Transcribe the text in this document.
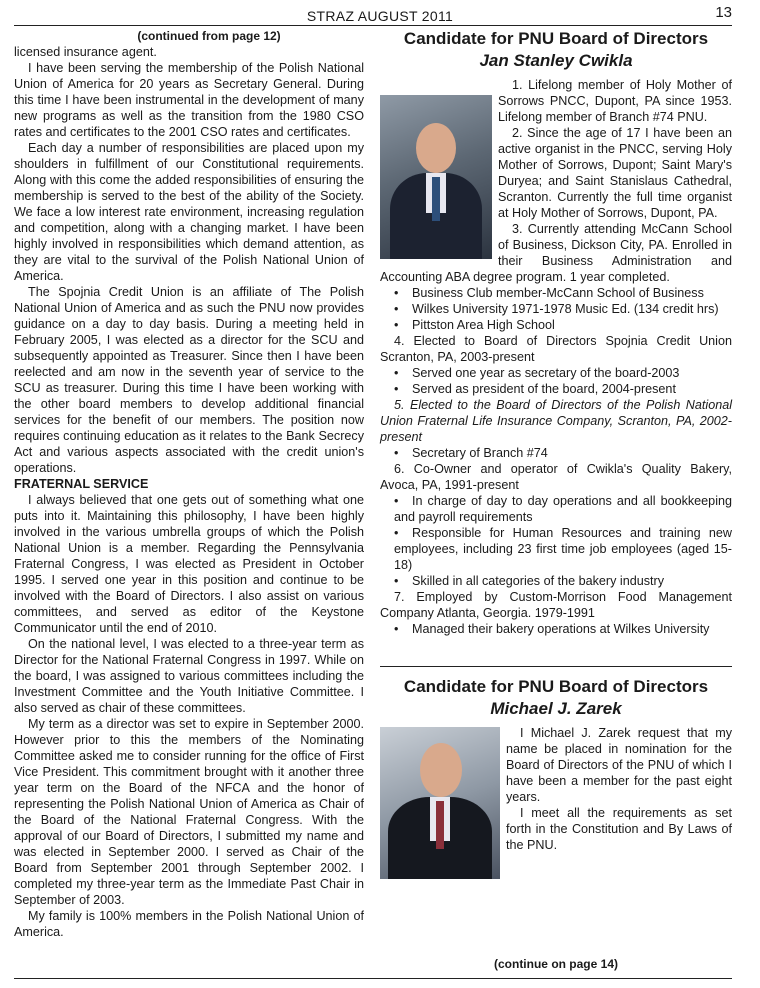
STRAZ AUGUST 2011	13
(continued from page 12)

licensed insurance agent.

I have been serving the membership of the Polish National Union of America for 20 years as Secretary General. During this time I have been instrumental in the development of many new programs as well as the transition from the 1980 CSO rates and certificates to the 2001 CSO rates and certificates.

Each day a number of responsibilities are placed upon my shoulders in fulfillment of our Constitutional requirements. Along with this come the added responsibilities of ensuring the membership is served to the best of the ability of the Society. We face a low interest rate environment, increasing regulation and competition, along with a changing market. I have been highly involved in responsibilities which demand attention, as they are vital to the survival of the Polish National Union of America.

The Spojnia Credit Union is an affiliate of The Polish National Union of America and as such the PNU now provides guidance on a day to day basis. During a meeting held in February 2005, I was elected as a director for the SCU and subsequently appointed as Treasurer. Since then I have been reelected and am now in the seventh year of service to the SCU as treasurer. During this time I have been working with the other board members to develop additional financial services for the benefit of our members. The position now requires continuing education as it relates to the Bank Secrecy Act and various aspects associated with the credit union's operations.

FRATERNAL SERVICE

I always believed that one gets out of something what one puts into it. Maintaining this philosophy, I have been highly involved in the various umbrella groups of which the Polish National Union is a member. Regarding the Pennsylvania Fraternal Congress, I was elected as President in October 1995. I served one year in this position and continue to be involved with the Board of Directors. I also assist on various committees, and served as editor of the Keystone Communicator until the end of 2010.

On the national level, I was elected to a three-year term as Director for the National Fraternal Congress in 1997. While on the board, I was assigned to various committees including the Investment Committee and the Youth Initiative Committee. I also served as chair of these committees.

My term as a director was set to expire in September 2000. However prior to this the members of the Nominating Committee asked me to consider running for the office of First Vice President. This commitment brought with it another three year term on the Board of the NFCA and the honor of representing the Polish National Union of America as Chair of the Board of the National Fraternal Congress. With the approval of our Board of Directors, I submitted my name and was elected in September 2000. I served as Chair of the Board from September 2001 through September 2002. I completed my three-year term as the Immediate Past Chair in September of 2003.

My family is 100% members in the Polish National Union of America.

Candidate for PNU Board of Directors
Jan Stanley Cwikla

1. Lifelong member of Holy Mother of Sorrows PNCC, Dupont, PA since 1953. Lifelong member of Branch #74 PNU.

2. Since the age of 17 I have been an active organist in the PNCC, serving Holy Mother of Sorrows, Dupont; Saint Mary's Duryea; and Saint Stanislaus Cathedral, Scranton. Currently the full time organist at Holy Mother of Sorrows, Dupont, PA.

3. Currently attending McCann School of Business, Dickson City, PA. Enrolled in their Business Administration and Accounting ABA degree program. 1 year completed.

• Business Club member-McCann School of Business

• Wilkes University 1971-1978 Music Ed. (134 credit hrs)

• Pittston Area High School

4. Elected to Board of Directors Spojnia Credit Union Scranton, PA, 2003-present

• Served one year as secretary of the board-2003

• Served as president of the board, 2004-present

5. Elected to the Board of Directors of the Polish National Union Fraternal Life Insurance Company, Scranton, PA, 2002-present

• Secretary of Branch #74

6. Co-Owner and operator of Cwikla's Quality Bakery, Avoca, PA, 1991-present

• In charge of day to day operations and all bookkeeping and payroll requirements

• Responsible for Human Resources and training new employees, including 23 first time job employees (aged 15-18)

• Skilled in all categories of the bakery industry

7. Employed by Custom-Morrison Food Management Company Atlanta, Georgia. 1979-1991

• Managed their bakery operations at Wilkes University

Candidate for PNU Board of Directors
Michael J. Zarek

I Michael J. Zarek request that my name be placed in nomination for the Board of Directors of the PNU of which I have been a member for the past eight years.

I meet all the requirements as set forth in the Constitution and By Laws of the PNU.

(continue on page 14)
